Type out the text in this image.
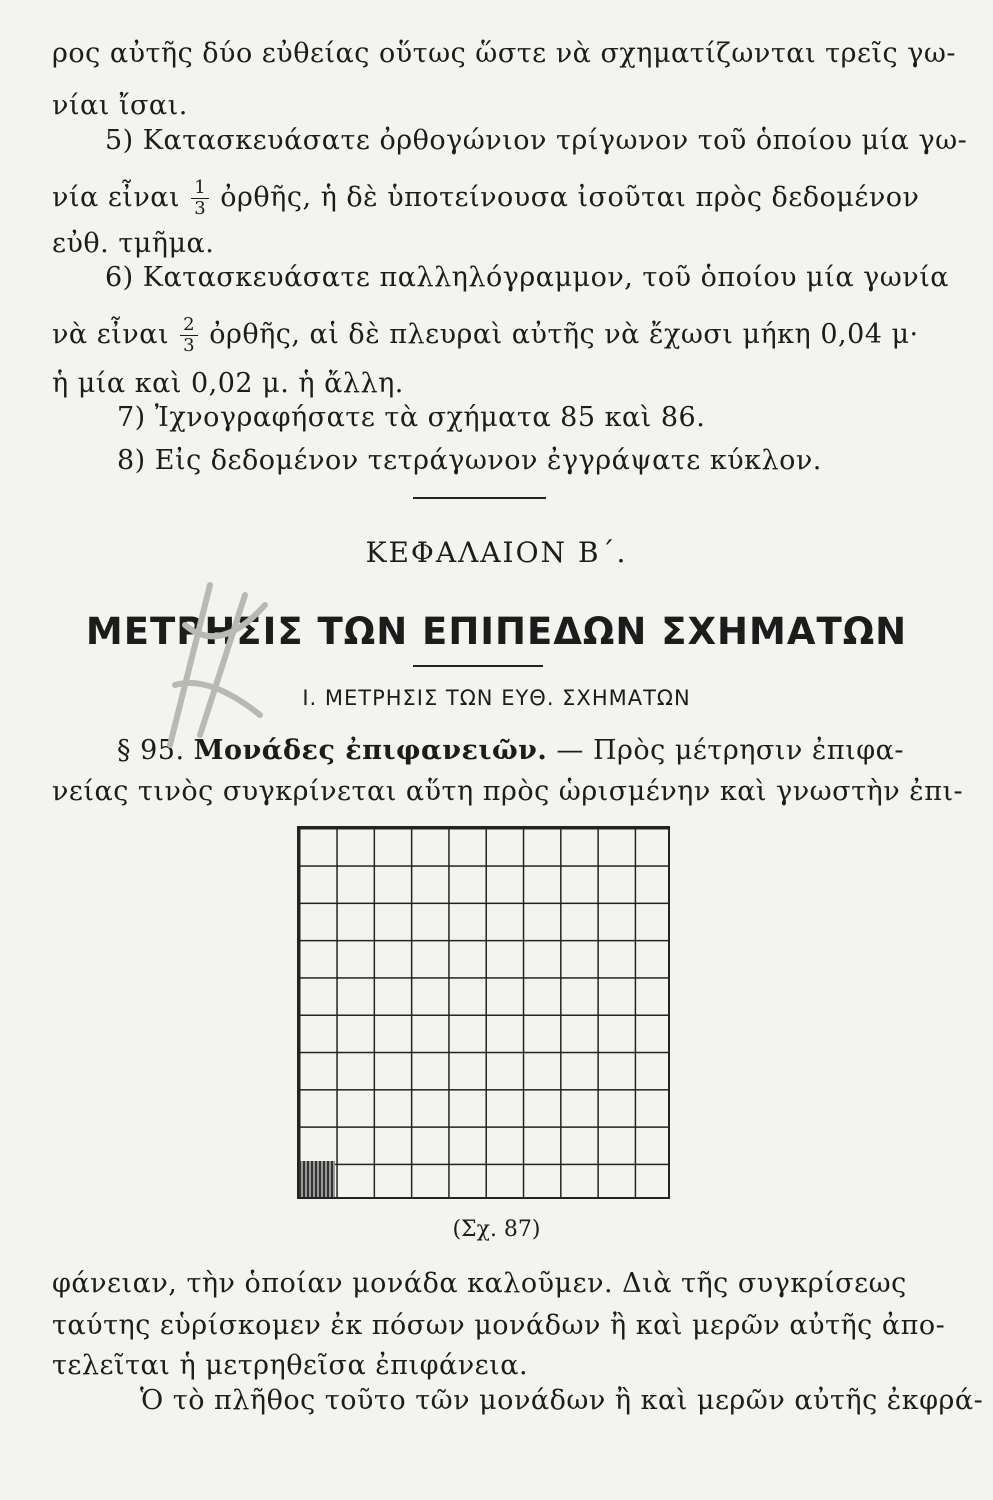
ρος αὐτῆς δύο εὐθείας οὕτως ὥστε νὰ σχηματίζωνται τρεῖς γω-
νίαι ἴσαι.
5) Κατασκευάσατε ὀρθογώνιον τρίγωνον τοῦ ὁποίου μία γω-
νία εἶναι $\frac{1}{3}$ ὀρθῆς, ἡ δὲ ὑποτείνουσα ἰσοῦται πρὸς δεδομένον
εὐθ. τμῆμα.
6) Κατασκευάσατε παλληλόγραμμον, τοῦ ὁποίου μία γωνία
νὰ εἶναι $\frac{2}{3}$ ὀρθῆς, αἱ δὲ πλευραὶ αὐτῆς νὰ ἔχωσι μήκη 0,04 μ·
ἡ μία καὶ 0,02 μ. ἡ ἄλλη.
7) Ἰχνογραφήσατε τὰ σχήματα 85 καὶ 86.
8) Εἰς δεδομένον τετράγωνον ἐγγράψατε κύκλον.
ΚΕΦΑΛΑΙΟΝ Β΄.
ΜΕΤΡΗΣΙΣ ΤΩΝ ΕΠΙΠΕΔΩΝ ΣΧΗΜΑΤΩΝ
Ι. ΜΕΤΡΗΣΙΣ ΤΩΝ ΕΥΘ. ΣΧΗΜΑΤΩΝ
§ 95. Μονάδες ἐπιφανειῶν. — Πρὸς μέτρησιν ἐπιφα-
νείας τινὸς συγκρίνεται αὕτη πρὸς ὡρισμένην καὶ γνωστὴν ἐπι-
(Σχ. 87)
φάνειαν, τὴν ὁποίαν μονάδα καλοῦμεν. Διὰ τῆς συγκρίσεως
ταύτης εὑρίσκομεν ἐκ πόσων μονάδων ἢ καὶ μερῶν αὐτῆς ἀπο-
τελεῖται ἡ μετρηθεῖσα ἐπιφάνεια.
Ὁ τὸ πλῆθος τοῦτο τῶν μονάδων ἢ καὶ μερῶν αὐτῆς ἐκφρά-
